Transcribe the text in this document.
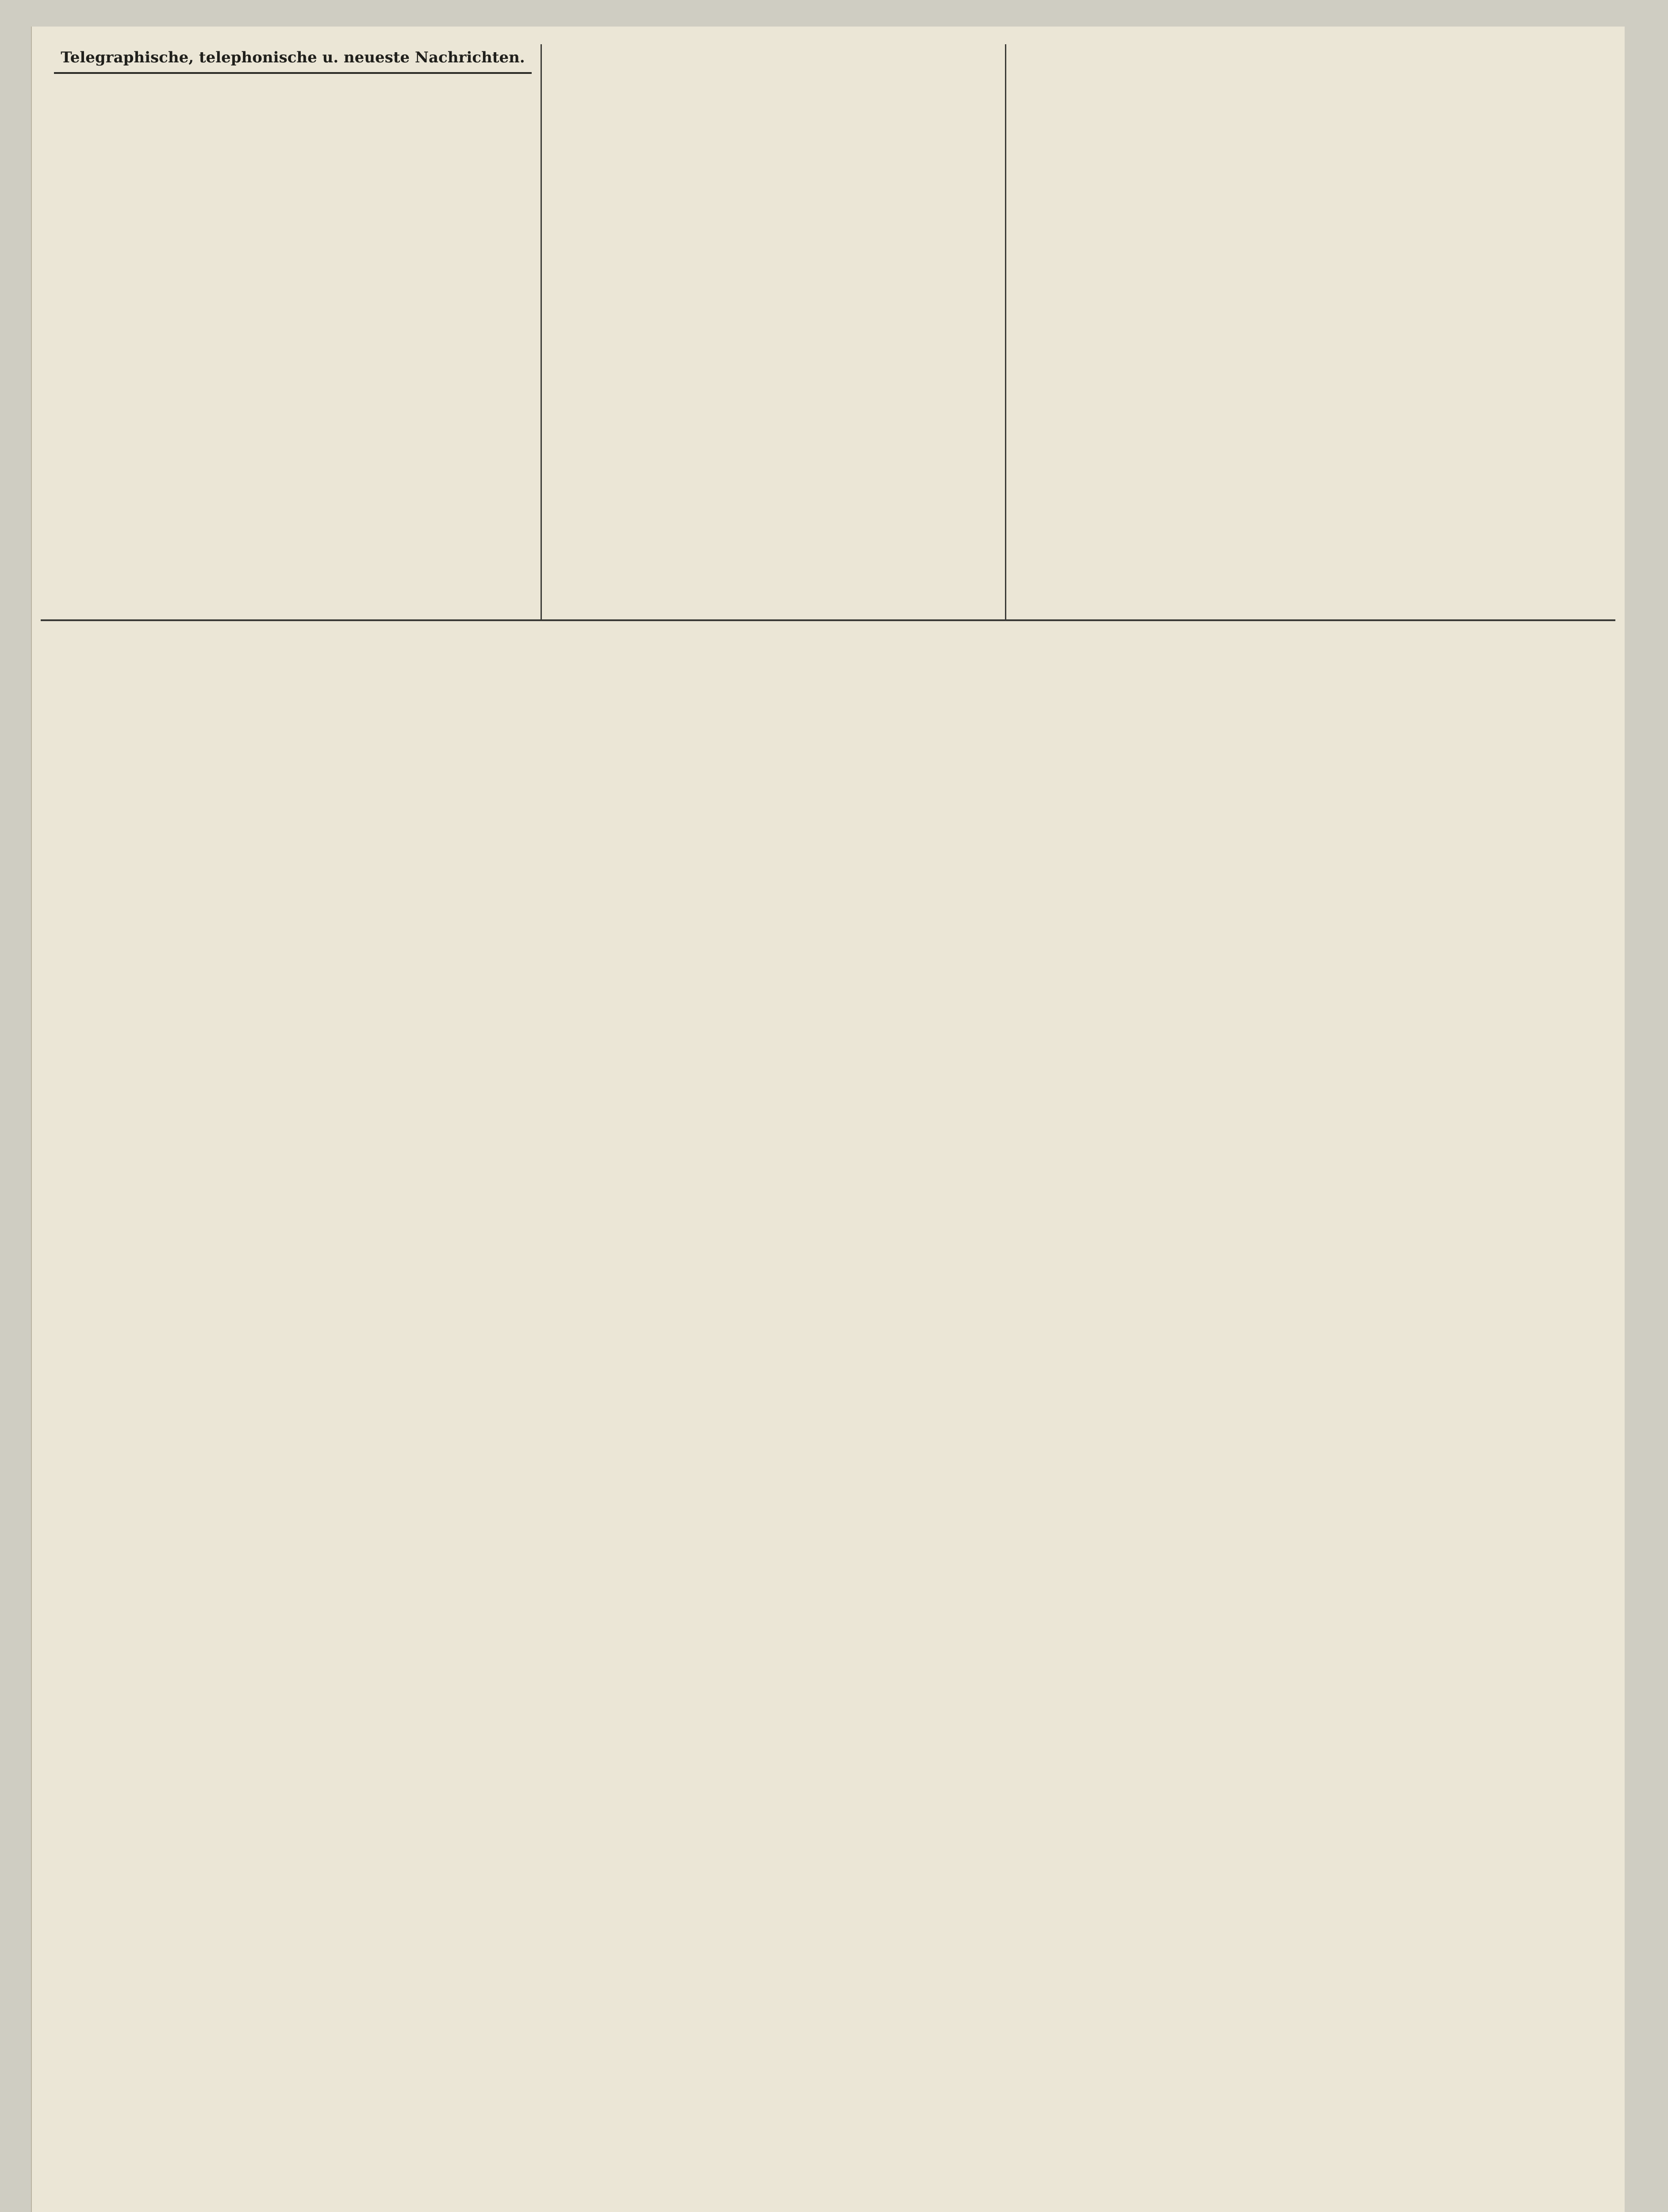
Telegraphische, telephonische u. neueste Nachrichten.
